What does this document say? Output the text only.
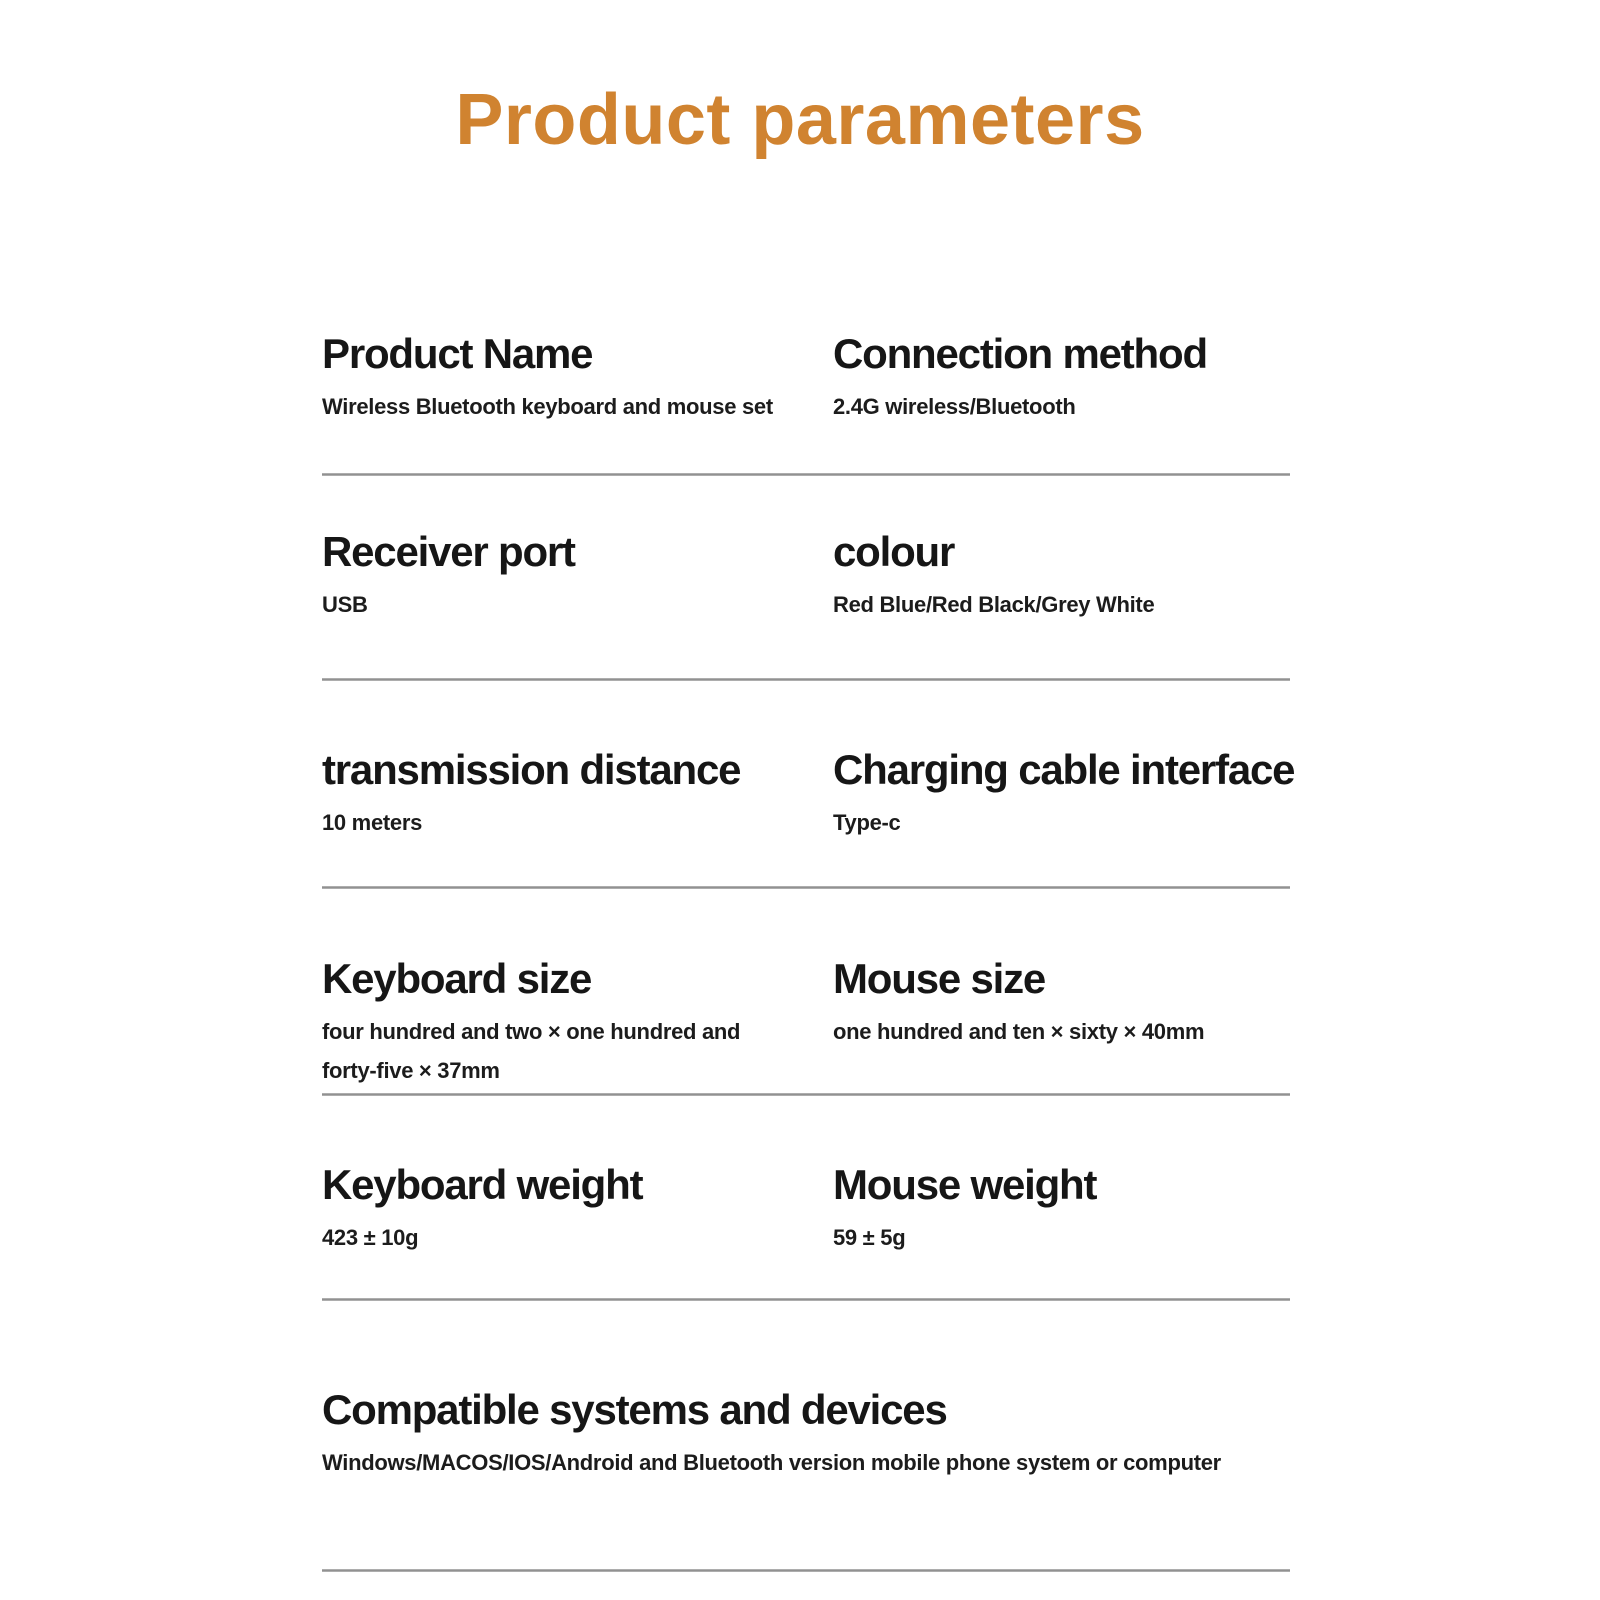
Product parameters
Product Name

Wireless Bluetooth keyboard and mouse set

Connection method

2.4G wireless/Bluetooth

Receiver port

USB

colour

Red Blue/Red Black/Grey White

transmission distance

10 meters

Charging cable interface

Type-c

Keyboard size

four hundred and two × one hundred and forty-five × 37mm

Mouse size

one hundred and ten × sixty × 40mm

Keyboard weight

423 ± 10g

Mouse weight

59 ± 5g

Compatible systems and devices

Windows/MACOS/IOS/Android and Bluetooth version mobile phone system or computer
